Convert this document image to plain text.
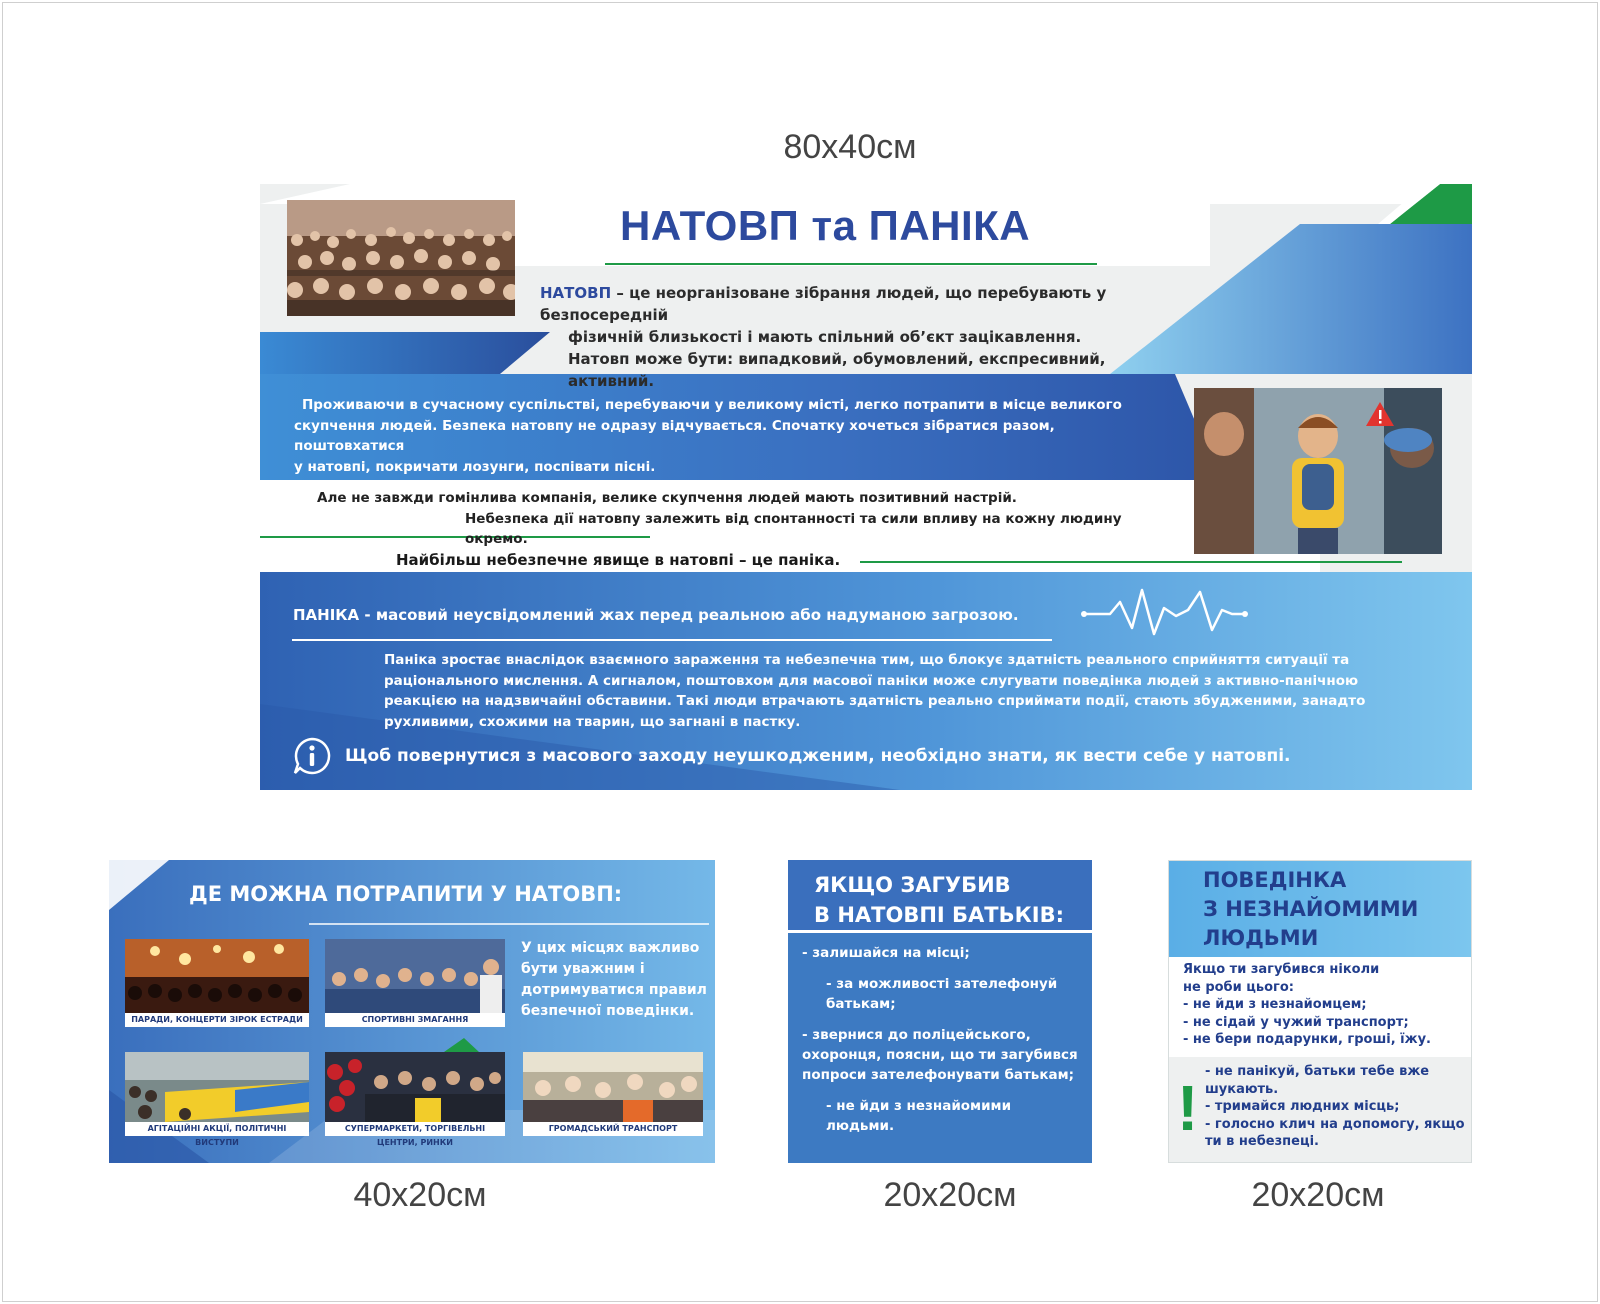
80x40см
40x20см	20x20см	20x20см
НАТОВП та ПАНІКА
НАТОВП – це неорганізоване зібрання людей, що перебувають у безпосередній
фізичній близькості і мають спільний об’єкт зацікавлення.
Натовп може бути: випадковий, обумовлений, експресивний,
активний.
Проживаючи в сучасному суспільстві, перебуваючи у великому місті, легко потрапити в місце великого
скупчення людей. Безпека натовпу не одразу відчувається. Спочатку хочеться зібратися разом, поштовхатися
у натовпі, покричати лозунги, поспівати пісні.
Але не завжди гомінлива компанія, велике скупчення людей мають позитивний настрій.
Небезпека дії натовпу залежить від спонтанності та сили впливу на кожну людину окремо.
Найбільш небезпечне явище в натовпі – це паніка.
ПАНІКА - масовий неусвідомлений жах перед реальною або надуманою загрозою.
Паніка зростає внаслідок взаємного зараження та небезпечна тим, що блокує здатність реального сприйняття ситуації та
раціонального мислення. А сигналом, поштовхом для масової паніки може слугувати поведінка людей з активно-панічною
реакцією на надзвичайні обставини. Такі люди втрачають здатність реально сприймати події, стають збудженими, занадто
рухливими, схожими на тварин, що загнані в пастку.
Щоб повернутися з масового заходу неушкодженим, необхідно знати, як вести себе у натовпі.
ДЕ МОЖНА ПОТРАПИТИ У НАТОВП:
ПАРАДИ, КОНЦЕРТИ ЗІРОК ЕСТРАДИ	СПОРТИВНІ ЗМАГАННЯ
У цих місцях важливо
бути уважним і
дотримуватися правил
безпечної поведінки.
АГІТАЦІЙНІ АКЦІЇ, ПОЛІТИЧНІ ВИСТУПИ
СУПЕРМАРКЕТИ, ТОРГІВЕЛЬНІ ЦЕНТРИ, РИНКИ
ГРОМАДСЬКИЙ ТРАНСПОРТ
ЯКЩО ЗАГУБИВ
В НАТОВПІ БАТЬКІВ:
- залишайся на місці;
- за можливості зателефонуй
батькам;
- звернися до поліцейського,
охоронця, поясни, що ти загубився
попроси зателефонувати батькам;
- не йди з незнайомими
людьми.
ПОВЕДІНКА
З НЕЗНАЙОМИМИ
ЛЮДЬМИ
Якщо ти загубився ніколи
не роби цього:
- не йди з незнайомцем;
- не сідай у чужий транспорт;
- не бери подарунки, гроші, їжу.
!
- не панікуй, батьки тебе вже
шукають.
- тримайся людних місць;
- голосно клич на допомогу, якщо
ти в небезпеці.
